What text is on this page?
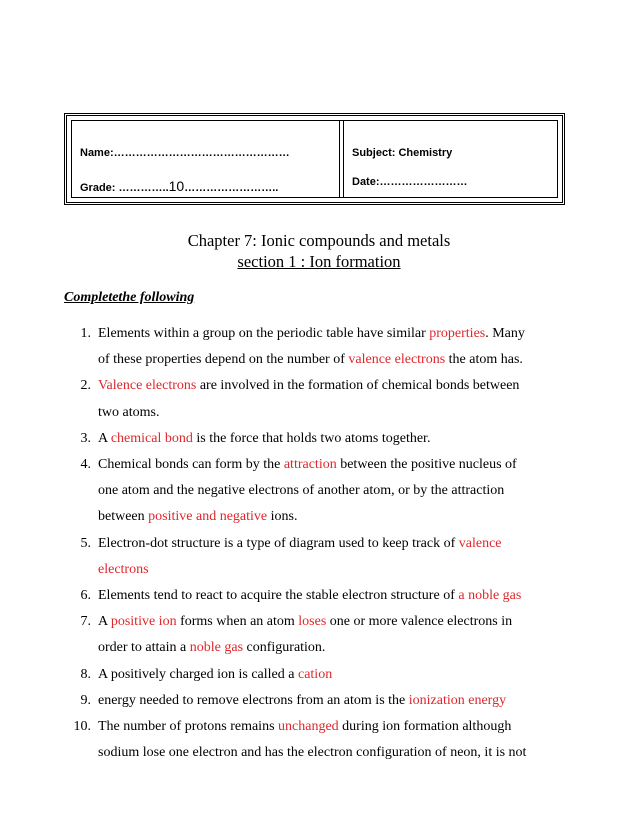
Name:…………………………………………
Grade: …………..10……………………..
Subject: Chemistry
Date:……………………
Chapter 7: Ionic compounds and metals
section 1 : Ion formation
Completethe following
1. Elements within a group on the periodic table have similar properties. Many
of these properties depend on the number of valence electrons the atom has.
2. Valence electrons are involved in the formation of chemical bonds between
two atoms.
3. A chemical bond is the force that holds two atoms together.
4. Chemical bonds can form by the attraction between the positive nucleus of
one atom and the negative electrons of another atom, or by the attraction
between positive and negative ions.
5. Electron-dot structure is a type of diagram used to keep track of valence
electrons
6. Elements tend to react to acquire the stable electron structure of a noble gas
7. A positive ion forms when an atom loses one or more valence electrons in
order to attain a noble gas configuration.
8. A positively charged ion is called a cation
9. energy needed to remove electrons from an atom is the ionization energy
10. The number of protons remains unchanged during ion formation although
sodium lose one electron and has the electron configuration of neon, it is not
